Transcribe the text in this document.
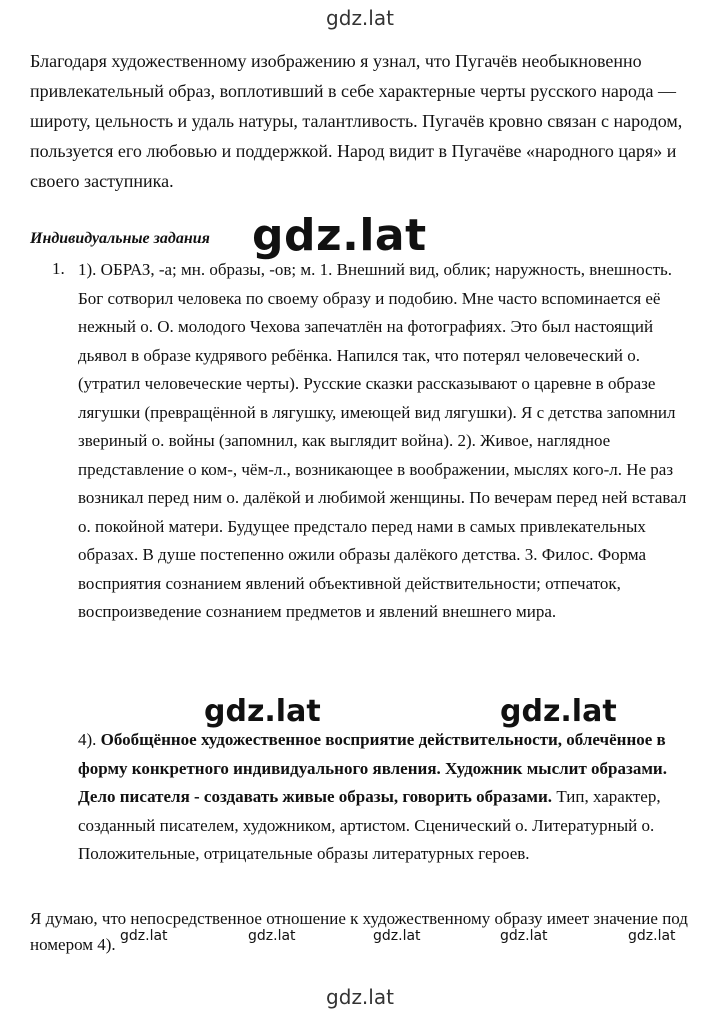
gdz.lat
Благодаря художественному изображению я узнал, что Пугачёв необыкновенно привлекательный образ, воплотивший в себе характерные черты русского народа — широту, цельность и удаль натуры, талантливость. Пугачёв кровно связан с народом, пользуется его любовью и поддержкой. Народ видит в Пугачёве «народного царя» и своего заступника.
Индивидуальные задания gdz.lat
1. 1). ОБРАЗ, -а; мн. образы, -ов; м. 1. Внешний вид, облик; наружность, внешность. Бог сотворил человека по своему образу и подобию. Мне часто вспоминается её нежный о. О. молодого Чехова запечатлён на фотографиях. Это был настоящий дьявол в образе кудрявого ребёнка. Напился так, что потерял человеческий о. (утратил человеческие черты). Русские сказки рассказывают о царевне в образе лягушки (превращённой в лягушку, имеющей вид лягушки). Я с детства запомнил звериный о. войны (запомнил, как выглядит война). 2). Живое, наглядное представление о ком-, чём-л., возникающее в воображении, мыслях кого-л. Не раз возникал перед ним о. далёкой и любимой женщины. По вечерам перед ней вставал о. покойной матери. Будущее предстало перед нами в самых привлекательных образах. В душе постепенно ожили образы далёкого детства. 3. Филос. Форма восприятия сознанием явлений объективной действительности; отпечаток, воспроизведение сознанием предметов и явлений внешнего мира.
gdz.lat	gdz.lat
4). Обобщённое художественное восприятие действительности, облечённое в форму конкретного индивидуального явления. Художник мыслит образами. Дело писателя - создавать живые образы, говорить образами. Тип, характер, созданный писателем, художником, артистом. Сценический о. Литературный о. Положительные, отрицательные образы литературных героев.
Я думаю, что непосредственное отношение к художественному образу имеет значение под номером 4). gdz.lat	gdz.lat	gdz.lat	gdz.lat	gdz.lat
gdz.lat
